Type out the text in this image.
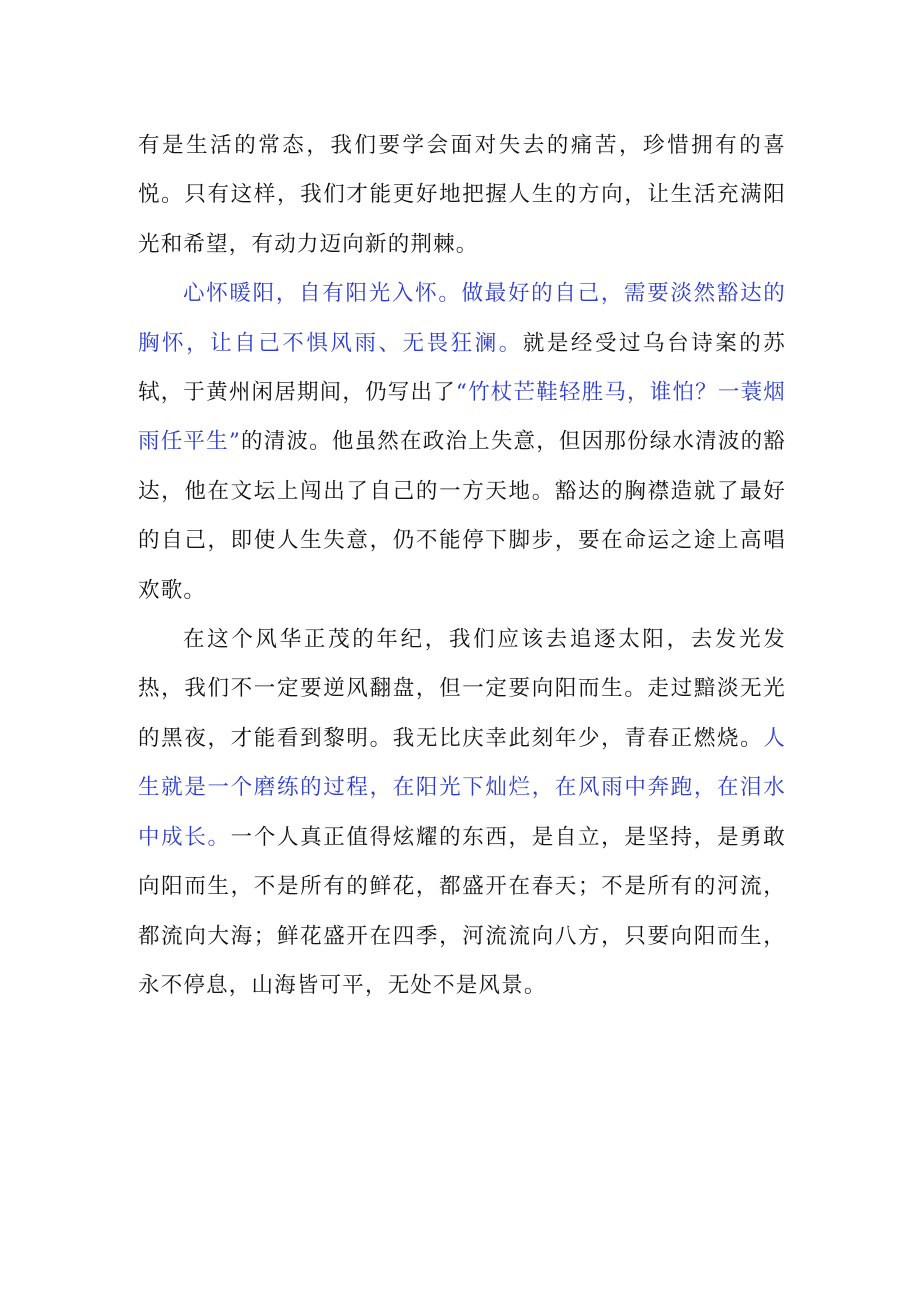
有是生活的常态，我们要学会面对失去的痛苦，珍惜拥有的喜悦。只有这样，我们才能更好地把握人生的方向，让生活充满阳光和希望，有动力迈向新的荆棘。

心怀暖阳，自有阳光入怀。做最好的自己，需要淡然豁达的胸怀，让自己不惧风雨、无畏狂澜。就是经受过乌台诗案的苏轼，于黄州闲居期间，仍写出了“竹杖芒鞋轻胜马，谁怕？一蓑烟雨任平生”的清波。他虽然在政治上失意，但因那份绿水清波的豁达，他在文坛上闯出了自己的一方天地。豁达的胸襟造就了最好的自己，即使人生失意，仍不能停下脚步，要在命运之途上高唱欢歌。

在这个风华正茂的年纪，我们应该去追逐太阳，去发光发热，我们不一定要逆风翻盘，但一定要向阳而生。走过黯淡无光的黑夜，才能看到黎明。我无比庆幸此刻年少，青春正燃烧。人生就是一个磨练的过程，在阳光下灿烂，在风雨中奔跑，在泪水中成长。一个人真正值得炫耀的东西，是自立，是坚持，是勇敢向阳而生，不是所有的鲜花，都盛开在春天；不是所有的河流，都流向大海；鲜花盛开在四季，河流流向八方，只要向阳而生，永不停息，山海皆可平，无处不是风景。
